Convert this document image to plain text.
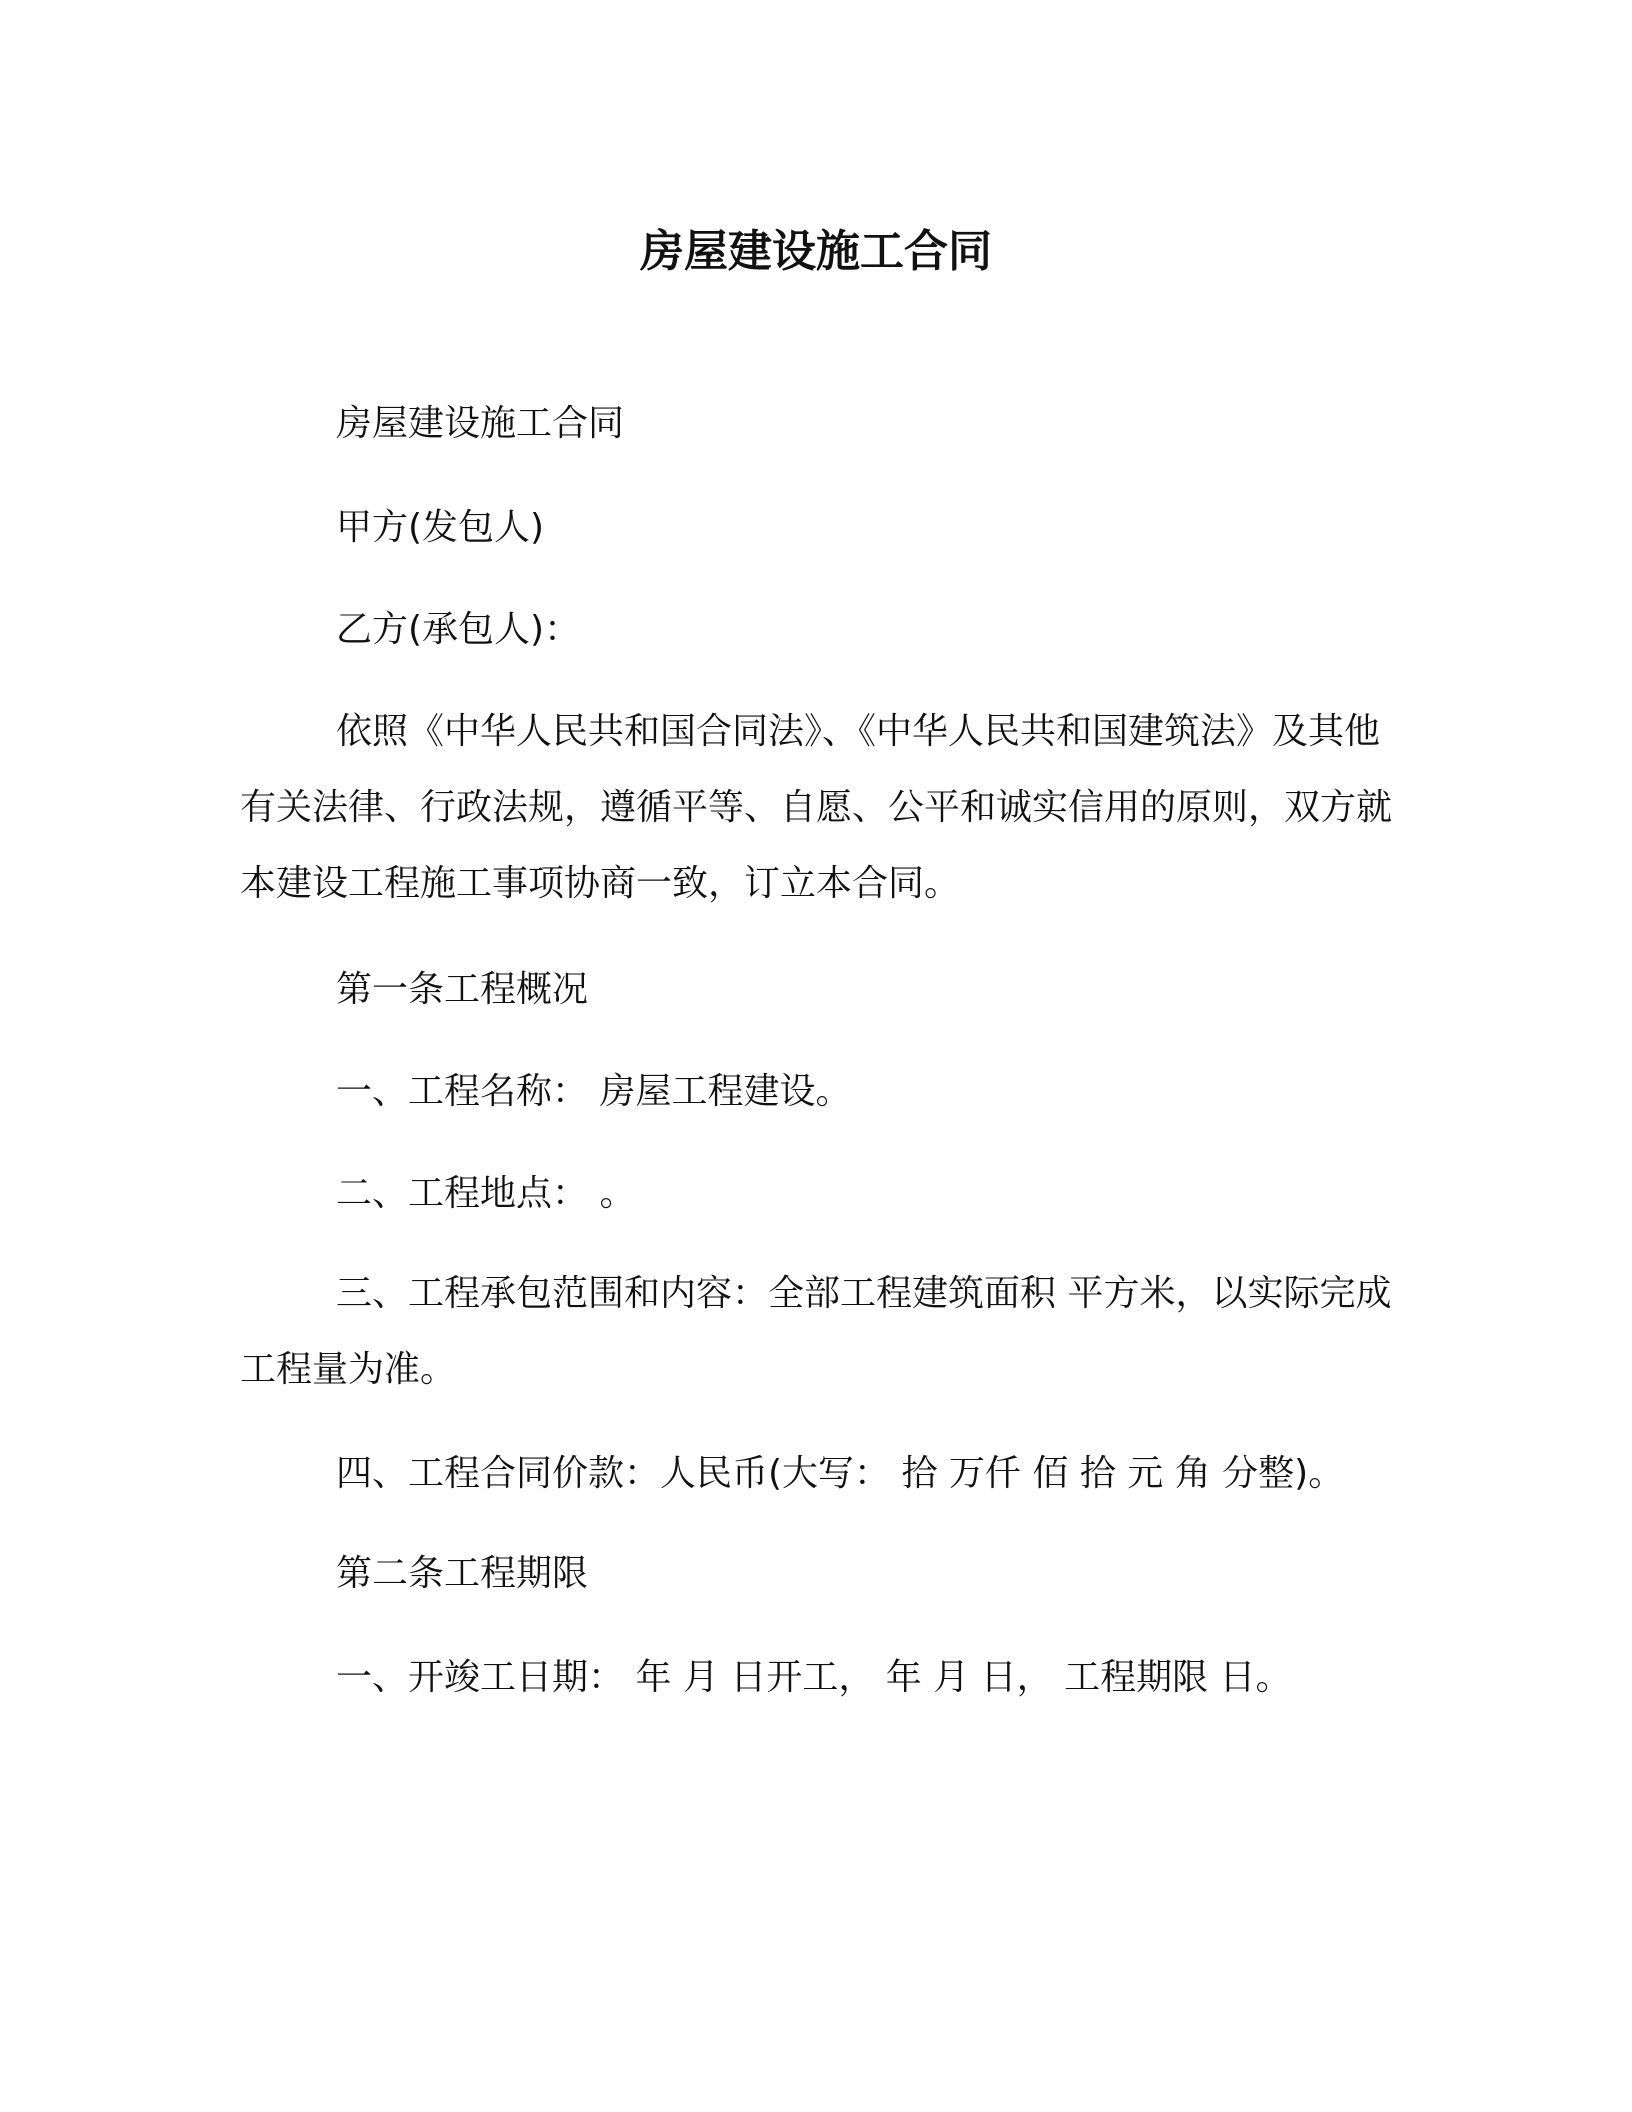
房屋建设施工合同

房屋建设施工合同

甲方(发包人)

乙方(承包人)：

依照《中华人民共和国合同法》、《中华人民共和国建筑法》及其他有关法律、行政法规，遵循平等、自愿、公平和诚实信用的原则，双方就本建设工程施工事项协商一致，订立本合同。

第一条工程概况

一、工程名称： 房屋工程建设。

二、工程地点： 。

三、工程承包范围和内容：全部工程建筑面积 平方米，以实际完成工程量为准。

四、工程合同价款：人民币(大写： 拾 万仟 佰 拾 元 角 分整)。

第二条工程期限

一、开竣工日期： 年 月 日开工， 年 月 日， 工程期限 日。
